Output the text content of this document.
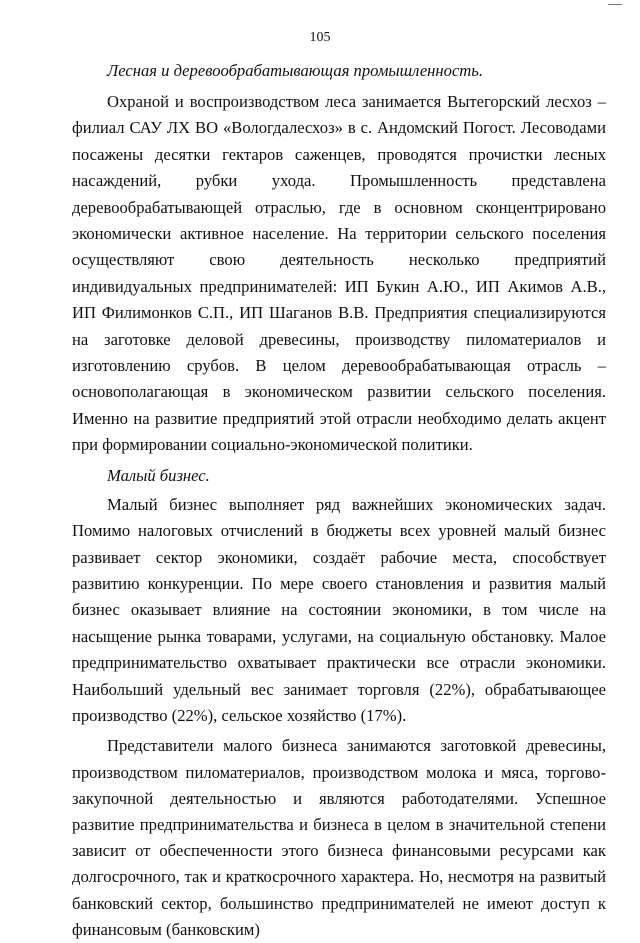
105

Лесная и деревообрабатывающая промышленность.

Охраной и воспроизводством леса занимается Вытегорский лесхоз – филиал САУ ЛХ ВО «Вологдалесхоз» в с. Андомский Погост. Лесоводами посажены десятки гектаров саженцев, проводятся прочистки лесных насаждений, рубки ухода. Промышленность представлена деревообрабатывающей отраслью, где в основном сконцентрировано экономически активное население. На территории сельского поселения осуществляют свою деятельность несколько предприятий индивидуальных предпринимателей: ИП Букин А.Ю., ИП Акимов А.В., ИП Филимонков С.П., ИП Шаганов В.В. Предприятия специализируются на заготовке деловой древесины, производству пиломатериалов и изготовлению срубов. В целом деревообрабатывающая отрасль – основополагающая в экономическом развитии сельского поселения. Именно на развитие предприятий этой отрасли необходимо делать акцент при формировании социально-экономической политики.

Малый бизнес.

Малый бизнес выполняет ряд важнейших экономических задач. Помимо налоговых отчислений в бюджеты всех уровней малый бизнес развивает сектор экономики, создаёт рабочие места, способствует развитию конкуренции. По мере своего становления и развития малый бизнес оказывает влияние на состоянии экономики, в том числе на насыщение рынка товарами, услугами, на социальную обстановку. Малое предпринимательство охватывает практически все отрасли экономики. Наибольший удельный вес занимает торговля (22%), обрабатывающее производство (22%), сельское хозяйство (17%).

Представители малого бизнеса занимаются заготовкой древесины, производством пиломатериалов, производством молока и мяса, торгово-закупочной деятельностью и являются работодателями. Успешное развитие предпринимательства и бизнеса в целом в значительной степени зависит от обеспеченности этого бизнеса финансовыми ресурсами как долгосрочного, так и краткосрочного характера. Но, несмотря на развитый банковский сектор, большинство предпринимателей не имеют доступ к финансовым (банковским)
